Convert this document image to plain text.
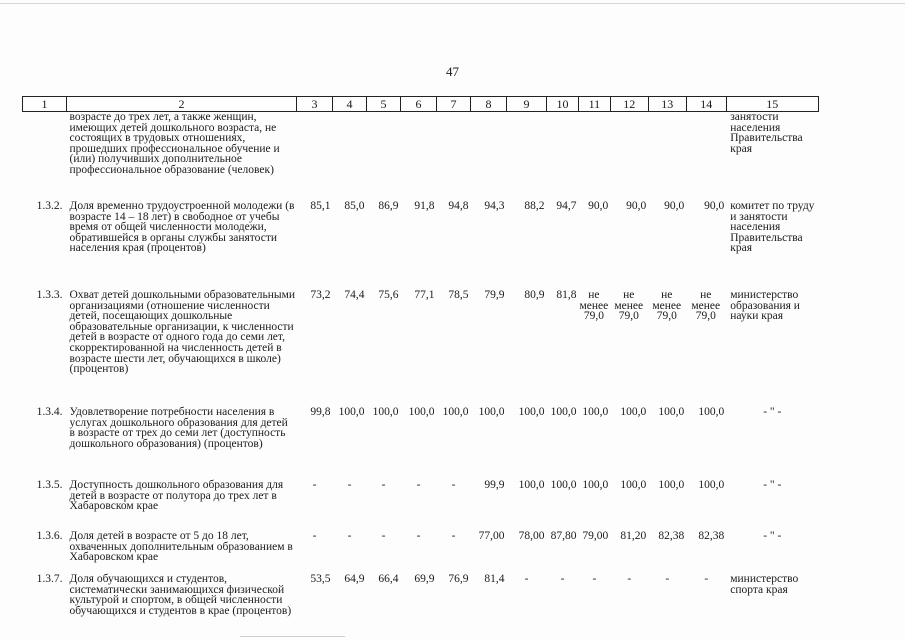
47
1	2	3	4	5	6	7	8	9	10	11	12	13	14	15
	возрасте до трех лет, а также женщин, имеющих детей дошкольного возраста, не состоящих в трудовых отношениях, прошедших профессиональное обучение и (или) получивших дополнительное профессиональное образование (человек)													занятости населения Правительства края
1.3.2.	Доля временно трудоустроенной молодежи (в возрасте 14 – 18 лет) в свободное от учебы время от общей численности молодежи, обратившейся в органы службы занятости населения края (процентов)	85,1	85,0	86,9	91,8	94,8	94,3	88,2	94,7	90,0	90,0	90,0	90,0	комитет по труду и занятости населения Правительства края
1.3.3.	Охват детей дошкольными образовательными организациями (отношение численности детей, посещающих дошкольные образовательные организации, к численности детей в возрасте от одного года до семи лет, скорректированной на численность детей в возрасте шести лет, обучающихся в школе) (процентов)	73,2	74,4	75,6	77,1	78,5	79,9	80,9	81,8	не менее 79,0	не менее 79,0	не менее 79,0	не менее 79,0	министерство образования и науки края
1.3.4.	Удовлетворение потребности населения в услугах дошкольного образования для детей в возрасте от трех до семи лет (доступность дошкольного образования) (процентов)	99,8	100,0	100,0	100,0	100,0	100,0	100,0	100,0	100,0	100,0	100,0	100,0	- " -
1.3.5.	Доступность дошкольного образования для детей в возрасте от полутора до трех лет в Хабаровском крае	-	-	-	-	-	99,9	100,0	100,0	100,0	100,0	100,0	100,0	- " -
1.3.6.	Доля детей в возрасте от 5 до 18 лет, охваченных дополнительным образованием в Хабаровском крае	-	-	-	-	-	77,00	78,00	87,80	79,00	81,20	82,38	82,38	- " -
1.3.7.	Доля обучающихся и студентов, систематически занимающихся физической культурой и спортом, в общей численности обучающихся и студентов в крае (процентов)	53,5	64,9	66,4	69,9	76,9	81,4	-	-	-	-	-	-	министерство спорта края
